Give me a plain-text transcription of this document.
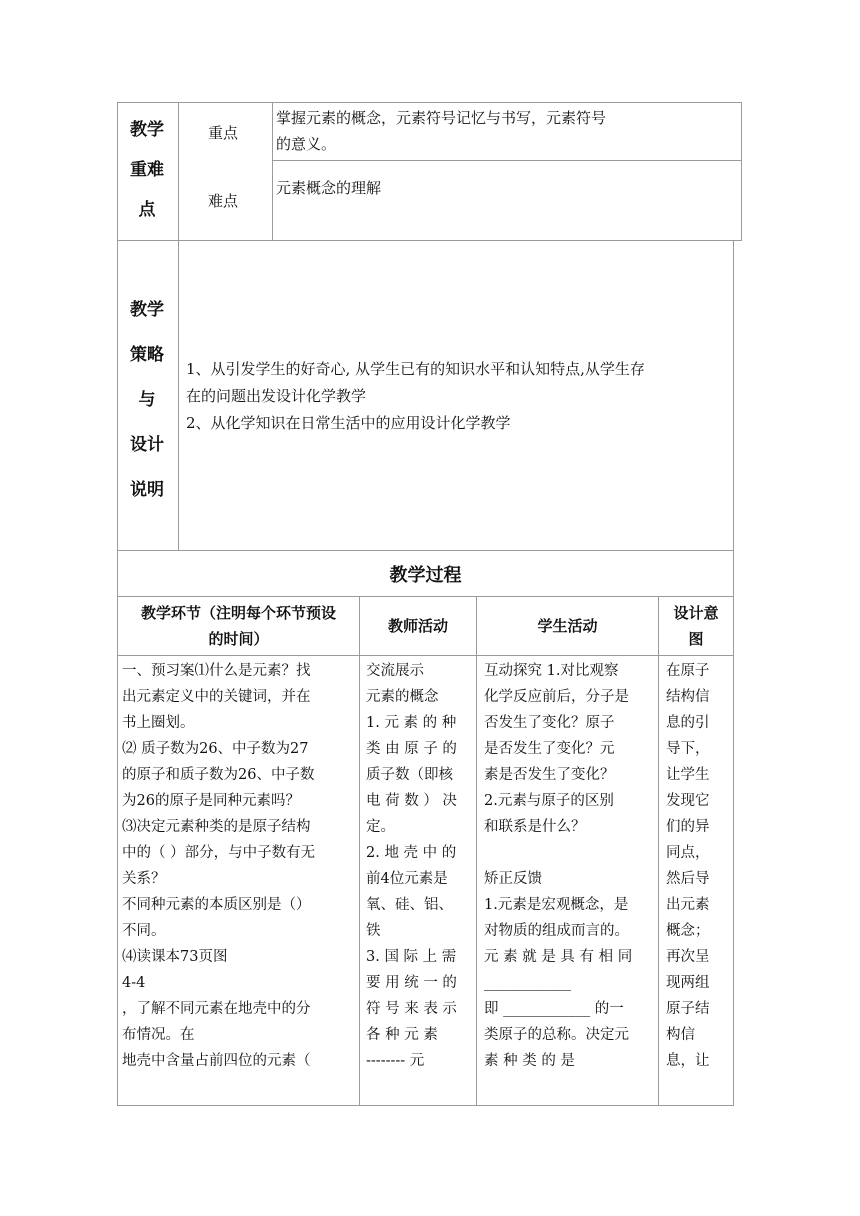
教学
重难
点
重点
掌握元素的概念，元素符号记忆与书写，元素符号
的意义。
难点
元素概念的理解
教学
策略
与
设计
说明
1、从引发学生的好奇心, 从学生已有的知识水平和认知特点,从学生存
在的问题出发设计化学教学
2、从化学知识在日常生活中的应用设计化学教学
教学过程
教学环节（注明每个环节预设
的时间）
教师活动	学生活动
设计意
图
一、预习案⑴什么是元素？找
出元素定义中的关键词，并在
书上圈划。
⑵ 质子数为26、中子数为27
的原子和质子数为26、中子数
为26的原子是同种元素吗？
⑶决定元素种类的是原子结构
中的（ ）部分，与中子数有无
关系？
不同种元素的本质区别是（）
不同。
⑷读课本73页图
4-4
，了解不同元素在地壳中的分
布情况。在
地壳中含量占前四位的元素（
交流展示
元素的概念
1. 元 素 的 种
类 由 原 子 的
质子数（即核
电 荷 数 ） 决
定。
2. 地 壳 中 的
前4位元素是
氧、硅、铝、
铁
3. 国 际 上 需
要 用 统 一 的
符 号 来 表 示
各 种 元 素
-------- 元
互动探究 1.对比观察
化学反应前后，分子是
否发生了变化？原子
是否发生了变化？元
素是否发生了变化？
2.元素与原子的区别
和联系是什么？

矫正反馈
1.元素是宏观概念，是
对物质的组成而言的。
元 素 就 是 具 有 相 同
____________
即 ____________ 的一
类原子的总称。决定元
素 种 类 的 是
在原子
结构信
息的引
导下，
让学生
发现它
们的异
同点，
然后导
出元素
概念；
再次呈
现两组
原子结
构信
息，让
